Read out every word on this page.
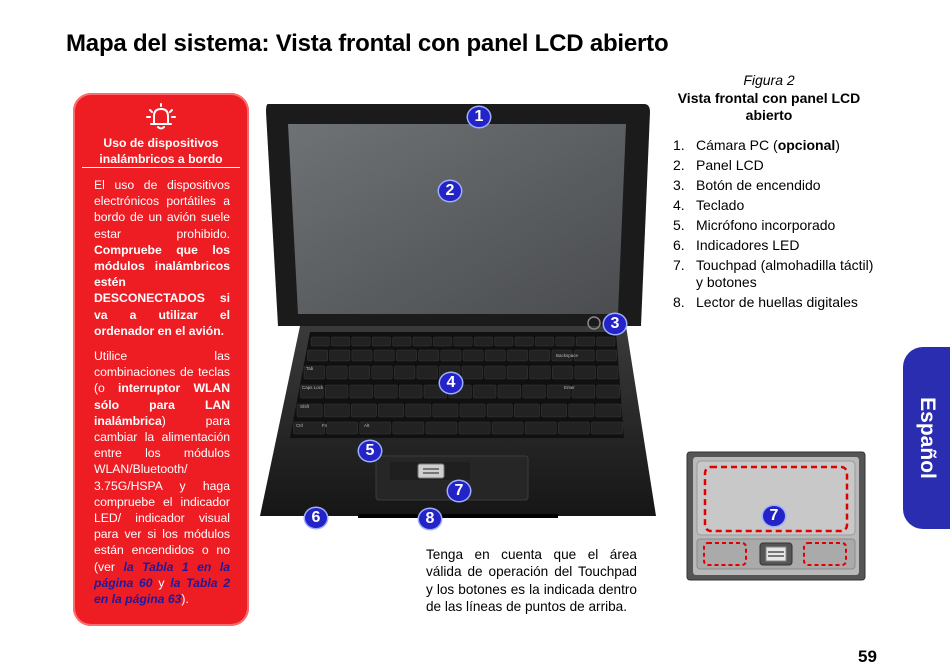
Mapa del sistema: Vista frontal con panel LCD abierto
Uso de dispositivos inalámbricos a bordo
El uso de dispositivos electrónicos portátiles a bordo de un avión suele estar prohibido. Compruebe que los módulos inalámbricos estén DESCONECTADOS si va a utilizar el ordenador en el avión.
Utilice las combinaciones de teclas (o interruptor WLAN sólo para LAN inalámbrica) para cambiar la alimentación entre los módulos WLAN/Bluetooth/ 3.75G/HSPA y haga compruebe el indicador LED/ indicador visual para ver si los módulos están encendidos o no (ver la Tabla 1 en la página 60 y la Tabla 2 en la página 63).
Backspace
Tab
Caps Lock	Enter
Shift
Ctrl	Fn	Alt
1
2
3
4
5
6
7
8
Figura 2
Vista frontal con panel LCD abierto
1. Cámara PC (opcional)
2. Panel LCD
3. Botón de encendido
4. Teclado
5. Micrófono incorporado
6. Indicadores LED
7. Touchpad (almohadilla táctil) y botones
8. Lector de huellas digitales
Español
7
Tenga en cuenta que el área válida de operación del Touchpad y los botones es la indicada dentro de las líneas de puntos de arriba.
59
